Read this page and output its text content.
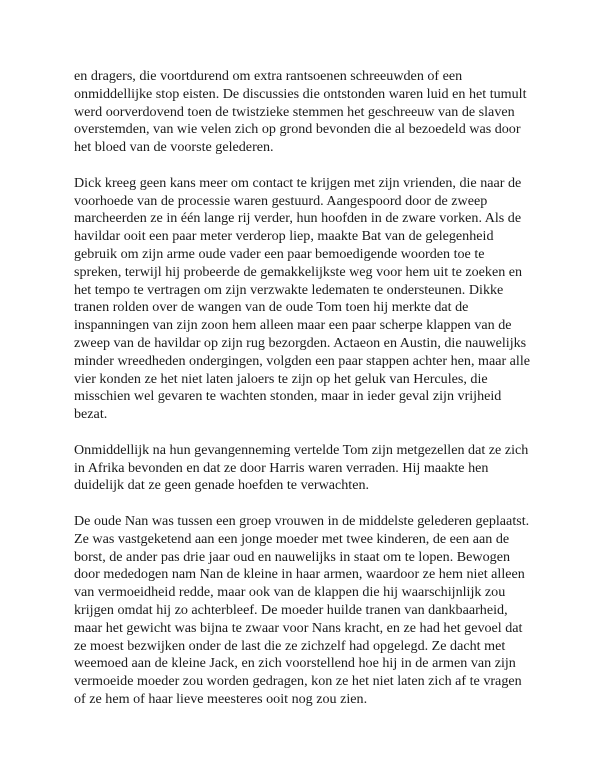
en dragers, die voortdurend om extra rantsoenen schreeuwden of een onmiddellijke stop eisten. De discussies die ontstonden waren luid en het tumult werd oorverdovend toen de twistzieke stemmen het geschreeuw van de slaven overstemden, van wie velen zich op grond bevonden die al bezoedeld was door het bloed van de voorste gelederen.

Dick kreeg geen kans meer om contact te krijgen met zijn vrienden, die naar de voorhoede van de processie waren gestuurd. Aangespoord door de zweep marcheerden ze in één lange rij verder, hun hoofden in de zware vorken. Als de havildar ooit een paar meter verderop liep, maakte Bat van de gelegenheid gebruik om zijn arme oude vader een paar bemoedigende woorden toe te spreken, terwijl hij probeerde de gemakkelijkste weg voor hem uit te zoeken en het tempo te vertragen om zijn verzwakte ledematen te ondersteunen. Dikke tranen rolden over de wangen van de oude Tom toen hij merkte dat de inspanningen van zijn zoon hem alleen maar een paar scherpe klappen van de zweep van de havildar op zijn rug bezorgden. Actaeon en Austin, die nauwelijks minder wreedheden ondergingen, volgden een paar stappen achter hen, maar alle vier konden ze het niet laten jaloers te zijn op het geluk van Hercules, die misschien wel gevaren te wachten stonden, maar in ieder geval zijn vrijheid bezat.

Onmiddellijk na hun gevangenneming vertelde Tom zijn metgezellen dat ze zich in Afrika bevonden en dat ze door Harris waren verraden. Hij maakte hen duidelijk dat ze geen genade hoefden te verwachten.

De oude Nan was tussen een groep vrouwen in de middelste gelederen geplaatst. Ze was vastgeketend aan een jonge moeder met twee kinderen, de een aan de borst, de ander pas drie jaar oud en nauwelijks in staat om te lopen. Bewogen door mededogen nam Nan de kleine in haar armen, waardoor ze hem niet alleen van vermoeidheid redde, maar ook van de klappen die hij waarschijnlijk zou krijgen omdat hij zo achterbleef. De moeder huilde tranen van dankbaarheid, maar het gewicht was bijna te zwaar voor Nans kracht, en ze had het gevoel dat ze moest bezwijken onder de last die ze zichzelf had opgelegd. Ze dacht met weemoed aan de kleine Jack, en zich voorstellend hoe hij in de armen van zijn vermoeide moeder zou worden gedragen, kon ze het niet laten zich af te vragen of ze hem of haar lieve meesteres ooit nog zou zien.
